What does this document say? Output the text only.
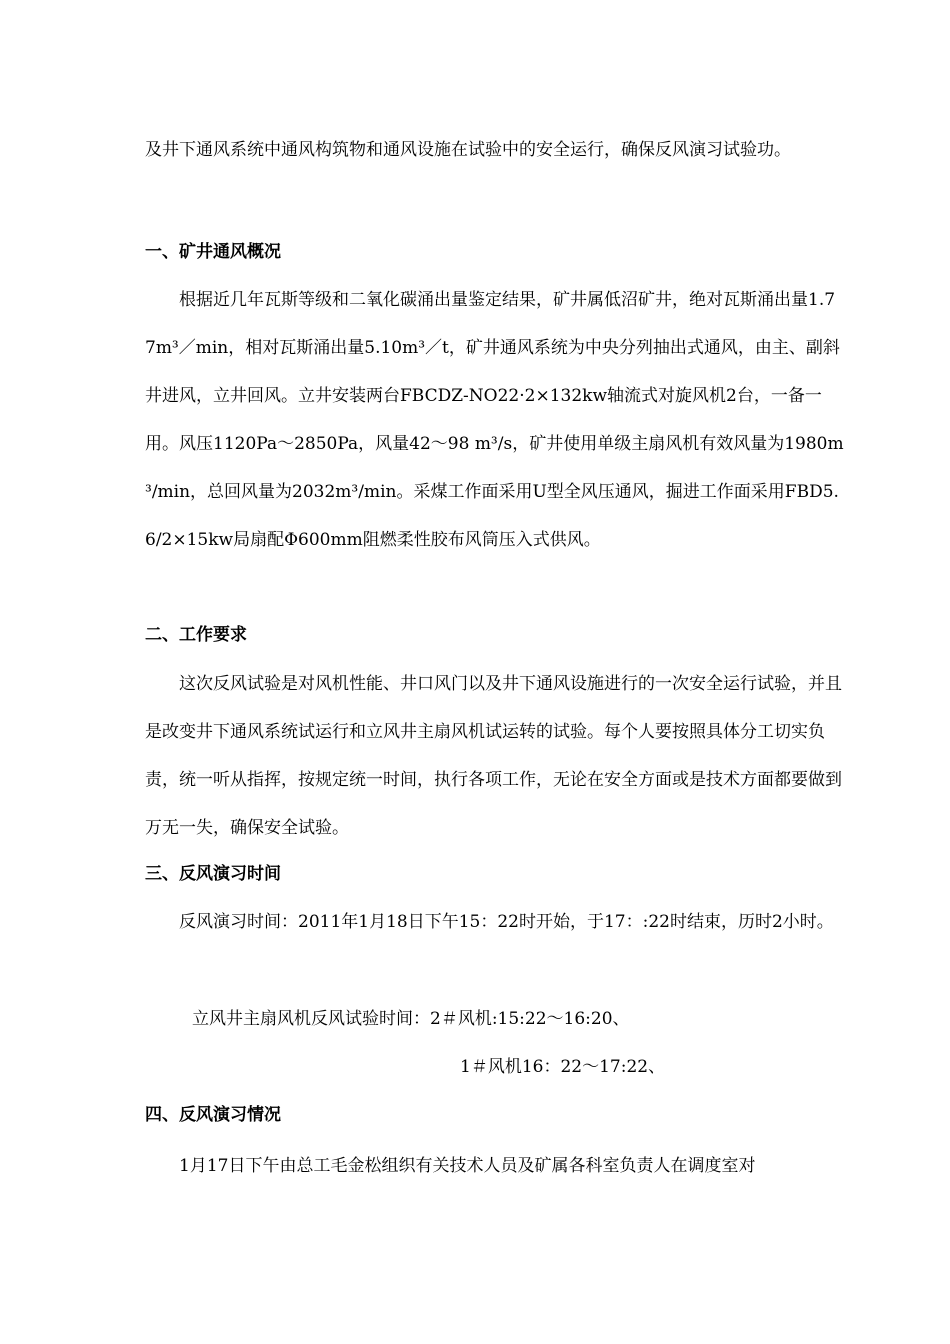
及井下通风系统中通风构筑物和通风设施在试验中的安全运行，确保反风演习试验功。

一、矿井通风概况

根据近几年瓦斯等级和二氧化碳涌出量鉴定结果，矿井属低沼矿井，绝对瓦斯涌出量1.77m³／min，相对瓦斯涌出量5.10m³／t，矿井通风系统为中央分列抽出式通风，由主、副斜井进风，立井回风。立井安装两台FBCDZ-NO22·2×132kw轴流式对旋风机2台，一备一用。风压1120Pa～2850Pa，风量42～98 m³/s，矿井使用单级主扇风机有效风量为1980m³/min，总回风量为2032m³/min。采煤工作面采用U型全风压通风，掘进工作面采用FBD5.6/2×15kw局扇配Φ600mm阻燃柔性胶布风筒压入式供风。

二、工作要求

这次反风试验是对风机性能、井口风门以及井下通风设施进行的一次安全运行试验，并且是改变井下通风系统试运行和立风井主扇风机试运转的试验。每个人要按照具体分工切实负责，统一听从指挥，按规定统一时间，执行各项工作，无论在安全方面或是技术方面都要做到万无一失，确保安全试验。

三、反风演习时间

反风演习时间：2011年1月18日下午15：22时开始，于17：:22时结束，历时2小时。

立风井主扇风机反风试验时间：2＃风机:15:22～16:20、

1＃风机16：22～17:22、

四、反风演习情况

1月17日下午由总工毛金松组织有关技术人员及矿属各科室负责人在调度室对
